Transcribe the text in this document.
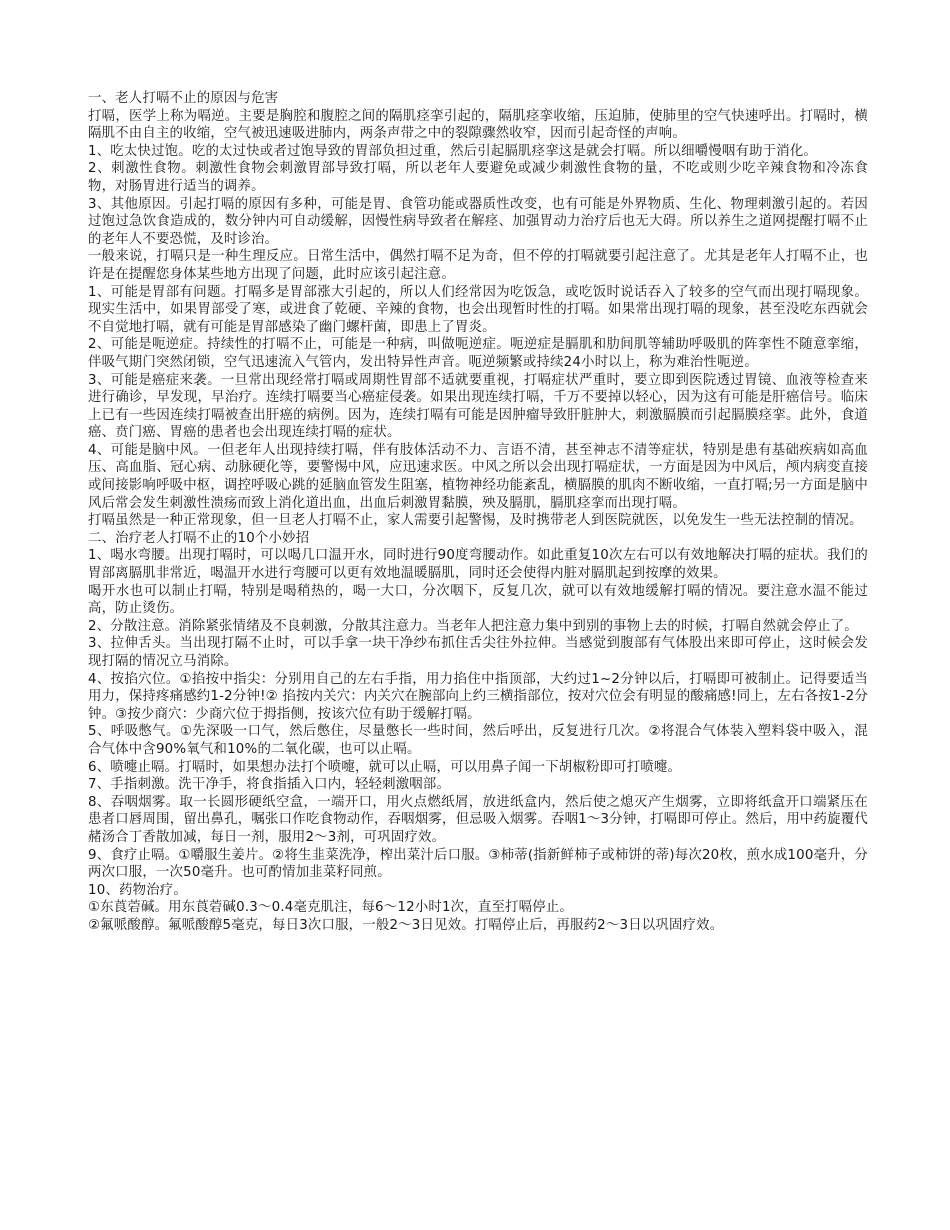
一、老人打嗝不止的原因与危害

打嗝，医学上称为嗝逆。主要是胸腔和腹腔之间的隔肌痉挛引起的，隔肌痉挛收缩，压迫肺，使肺里的空气快速呼出。打嗝时，横隔肌不由自主的收缩，空气被迅速吸进肺内，两条声带之中的裂隙骤然收窄，因而引起奇怪的声响。

1、吃太快过饱。吃的太过快或者过饱导致的胃部负担过重，然后引起膈肌痉挛这是就会打嗝。所以细嚼慢咽有助于消化。

2、刺激性食物。刺激性食物会刺激胃部导致打嗝，所以老年人要避免或减少刺激性食物的量，不吃或则少吃辛辣食物和冷冻食物，对肠胃进行适当的调养。

3、其他原因。引起打嗝的原因有多种，可能是胃、食管功能或器质性改变，也有可能是外界物质、生化、物理刺激引起的。若因过饱过急饮食造成的，数分钟内可自动缓解，因慢性病导致者在解痉、加强胃动力治疗后也无大碍。所以养生之道网提醒打嗝不止的老年人不要恐慌，及时诊治。

一般来说，打嗝只是一种生理反应。日常生活中，偶然打嗝不足为奇，但不停的打嗝就要引起注意了。尤其是老年人打嗝不止，也许是在提醒您身体某些地方出现了问题，此时应该引起注意。

1、可能是胃部有问题。打嗝多是胃部涨大引起的，所以人们经常因为吃饭急，或吃饭时说话吞入了较多的空气而出现打嗝现象。现实生活中，如果胃部受了寒，或进食了乾硬、辛辣的食物，也会出现暂时性的打嗝。如果常出现打嗝的现象，甚至没吃东西就会不自觉地打嗝，就有可能是胃部感染了幽门螺杆菌，即患上了胃炎。

2、可能是呃逆症。持续性的打嗝不止，可能是一种病，叫做呃逆症。呃逆症是膈肌和肋间肌等辅助呼吸肌的阵挛性不随意挛缩，伴吸气期门突然闭锁，空气迅速流入气管内，发出特异性声音。呃逆频繁或持续24小时以上，称为难治性呃逆。

3、可能是癌症来袭。一旦常出现经常打嗝或周期性胃部不适就要重视，打嗝症状严重时，要立即到医院透过胃镜、血液等检查来进行确诊，早发现，早治疗。连续打嗝要当心癌症侵袭。如果出现连续打嗝，千万不要掉以轻心，因为这有可能是肝癌信号。临床上已有一些因连续打嗝被查出肝癌的病例。因为，连续打嗝有可能是因肿瘤导致肝脏肿大，刺激膈膜而引起膈膜痉挛。此外，食道癌、贲门癌、胃癌的患者也会出现连续打嗝的症状。

4、可能是脑中风。一但老年人出现持续打嗝，伴有肢体活动不力、言语不清，甚至神志不清等症状，特别是患有基础疾病如高血压、高血脂、冠心病、动脉硬化等，要警惕中风，应迅速求医。中风之所以会出现打嗝症状，一方面是因为中风后，颅内病变直接或间接影响呼吸中枢，调控呼吸心跳的延脑血管发生阻塞，植物神经功能紊乱，横膈膜的肌肉不断收缩，一直打嗝;另一方面是脑中风后常会发生刺激性溃疡而致上消化道出血，出血后刺激胃黏膜，殃及膈肌，膈肌痉挛而出现打嗝。

打嗝虽然是一种正常现象，但一旦老人打嗝不止，家人需要引起警惕，及时携带老人到医院就医，以免发生一些无法控制的情况。

二、治疗老人打嗝不止的10个小妙招

1、喝水弯腰。出现打嗝时，可以喝几口温开水，同时进行90度弯腰动作。如此重复10次左右可以有效地解决打嗝的症状。我们的胃部离膈肌非常近，喝温开水进行弯腰可以更有效地温暖膈肌，同时还会使得内脏对膈肌起到按摩的效果。

喝开水也可以制止打嗝，特别是喝稍热的，喝一大口，分次咽下，反复几次，就可以有效地缓解打嗝的情况。要注意水温不能过高，防止烫伤。

2、分散注意。消除紧张情绪及不良刺激，分散其注意力。当老年人把注意力集中到别的事物上去的时候，打嗝自然就会停止了。

3、拉伸舌头。当出现打隔不止时，可以手拿一块干净纱布抓住舌尖往外拉伸。当感觉到腹部有气体股出来即可停止，这时候会发现打隔的情况立马消除。

4、按掐穴位。①掐按中指尖：分别用自己的左右手指，用力掐住中指顶部，大约过1~2分钟以后，打嗝即可被制止。记得要适当用力，保持疼痛感约1-2分钟!② 掐按内关穴：内关穴在腕部向上约三横指部位，按对穴位会有明显的酸痛感!同上，左右各按1-2分钟。③按少商穴：少商穴位于拇指侧，按该穴位有助于缓解打嗝。

5、呼吸憋气。①先深吸一口气，然后憋住，尽量憋长一些时间，然后呼出，反复进行几次。②将混合气体装入塑料袋中吸入，混合气体中含90%氧气和10%的二氧化碳，也可以止嗝。

6、喷嚏止嗝。打嗝时，如果想办法打个喷嚏，就可以止嗝，可以用鼻子闻一下胡椒粉即可打喷嚏。

7、手指刺激。洗干净手，将食指插入口内，轻轻刺激咽部。

8、吞咽烟雾。取一长圆形硬纸空盒，一端开口，用火点燃纸屑，放进纸盒内，然后使之熄灭产生烟雾，立即将纸盒开口端紧压在患者口唇周围，留出鼻孔，嘱张口作吃食物动作，吞咽烟雾，但忌吸入烟雾。吞咽1～3分钟，打嗝即可停止。然后，用中药旋覆代赭汤合丁香散加减，每日一剂，服用2～3剂，可巩固疗效。

9、食疗止嗝。①嚼服生姜片。②将生韭菜洗净，榨出菜汁后口服。③柿蒂(指新鲜柿子或柿饼的蒂)每次20枚，煎水成100毫升，分两次口服，一次50毫升。也可酌情加韭菜籽同煎。

10、药物治疗。

①东莨菪碱。用东莨菪碱0.3～0.4毫克肌注，每6～12小时1次，直至打嗝停止。

②氟哌酸醇。氟哌酸醇5毫克，每日3次口服，一般2～3日见效。打嗝停止后，再服药2～3日以巩固疗效。
